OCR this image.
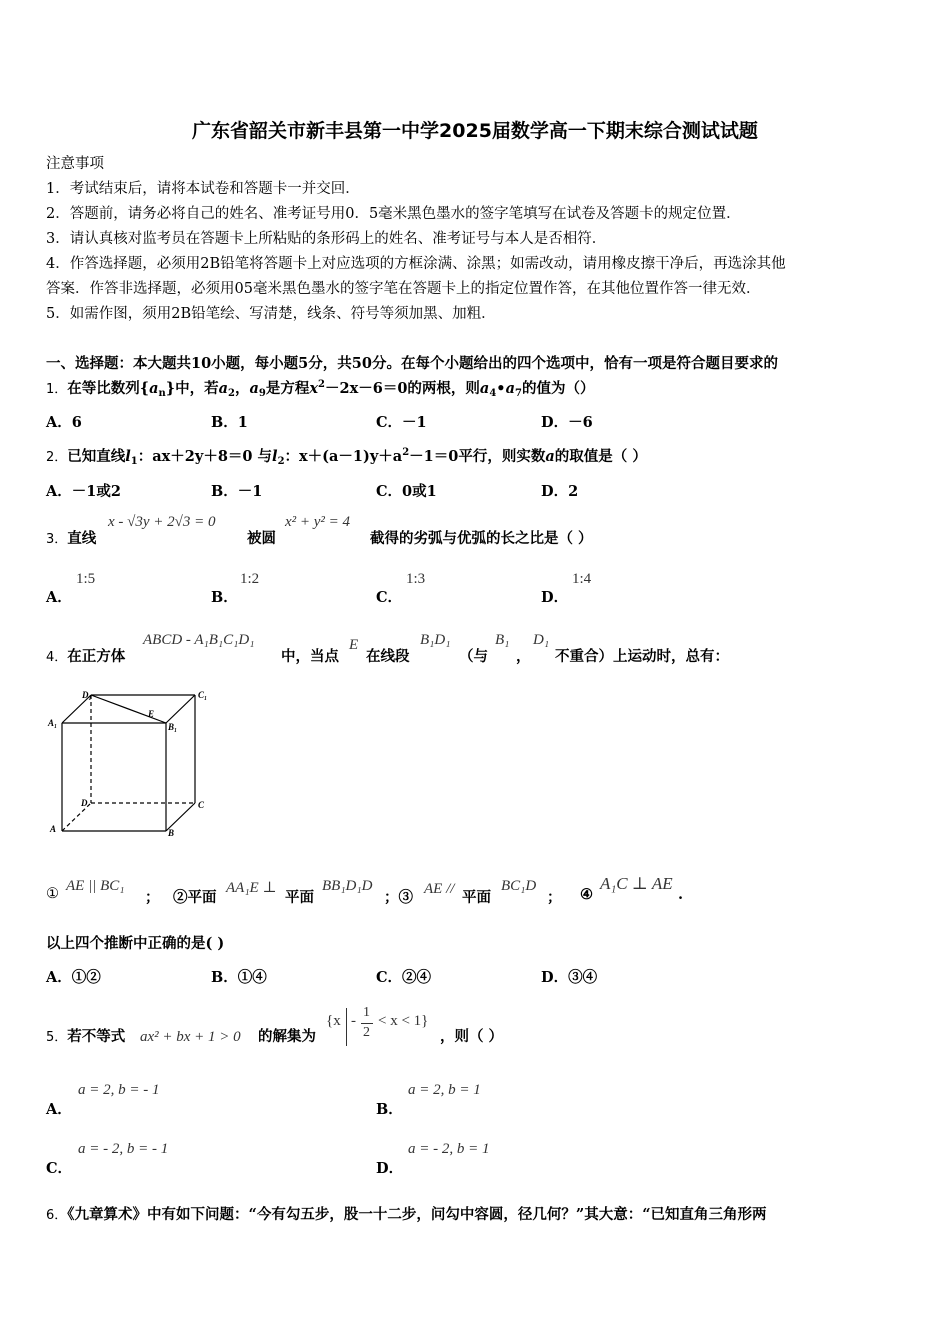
广东省韶关市新丰县第一中学2025届数学高一下期末综合测试试题
注意事项
1．考试结束后，请将本试卷和答题卡一并交回．
2．答题前，请务必将自己的姓名、准考证号用0．5毫米黑色墨水的签字笔填写在试卷及答题卡的规定位置．
3．请认真核对监考员在答题卡上所粘贴的条形码上的姓名、准考证号与本人是否相符．
4．作答选择题，必须用2B铅笔将答题卡上对应选项的方框涂满、涂黑；如需改动，请用橡皮擦干净后，再选涂其他
答案．作答非选择题，必须用05毫米黑色墨水的签字笔在答题卡上的指定位置作答，在其他位置作答一律无效．
5．如需作图，须用2B铅笔绘、写清楚，线条、符号等须加黑、加粗．
一、选择题：本大题共10小题，每小题5分，共50分。在每个小题给出的四个选项中，恰有一项是符合题目要求的
1．在等比数列$\{a_n\}$中，若$a_2$，$a_9$是方程$x^2-2x-6=0$的两根，则$a_4•a_7$的值为（）
A．6	B．1	C．－1	D．－6
2．已知直线$l_1$：ax＋2y＋8＝0 与$l_2$：$x+(a-1)y+a^2-1=0$平行，则实数a的取值是（ ）
A．－1或2	B．－1	C．0或1	D．2
3．直线
x - √3y + 2√3 = 0
被圆
x² + y² = 4
截得的劣弧与优弧的长之比是（ ）
A．
1:5
B．
1:2
C．
1:3
D．
1:4
4．在正方体
ABCD - A₁B₁C₁D₁
中，当点
E
在线段
B₁D₁
（与
B₁
，
D₁
不重合）上运动时，总有：
D₁	C₁
A₁	B₁
E
D	C
A	B
① AE || BC₁
； ②平面
AA₁E ⊥
平面
BB₁D₁D
；③ AE // 平面
BC₁D
； ④
A₁C ⊥ AE
.
以上四个推断中正确的是( )
A．①②	B．①④	C．②④	D．③④
5．若不等式 ax² + bx + 1 > 0 的解集为
{x -
1
2
< x < 1}
，则（ ）
A．
a = 2, b = - 1
B．
a = 2, b = 1
C．
a = - 2, b = - 1
D．
a = - 2, b = 1
6．《九章算术》中有如下问题：“今有勾五步，股一十二步，问勾中容圆，径几何？”其大意：“已知直角三角形两
